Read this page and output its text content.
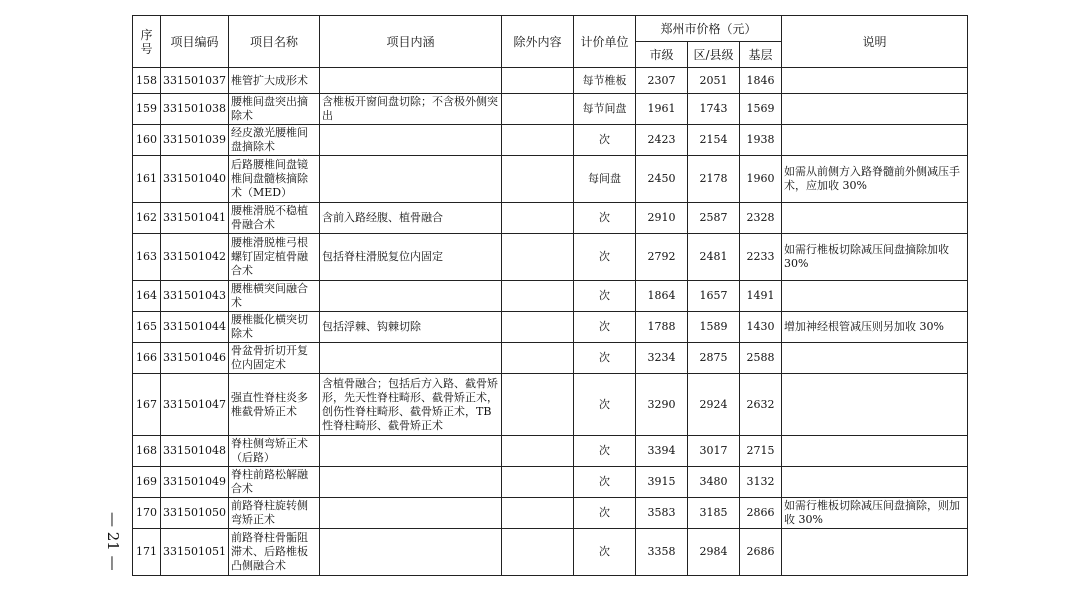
序号	项目编码	项目名称	项目内涵	除外内容	计价单位	郑州市价格（元）			说明
						市级	区/县级	基层	
158	331501037	椎管扩大成形术			每节椎板	2307	2051	1846	
159	331501038	腰椎间盘突出摘除术	含椎板开窗间盘切除；不含极外侧突出		每节间盘	1961	1743	1569	
160	331501039	经皮激光腰椎间盘摘除术			次	2423	2154	1938	
161	331501040	后路腰椎间盘镜椎间盘髓核摘除术（MED）			每间盘	2450	2178	1960	如需从前侧方入路脊髓前外侧减压手术，应加收 30%
162	331501041	腰椎滑脱不稳植骨融合术	含前入路经腹、植骨融合		次	2910	2587	2328	
163	331501042	腰椎滑脱椎弓根螺钉固定植骨融合术	包括脊柱滑脱复位内固定		次	2792	2481	2233	如需行椎板切除减压间盘摘除加收30%
164	331501043	腰椎横突间融合术			次	1864	1657	1491	
165	331501044	腰椎骶化横突切除术	包括浮棘、钩棘切除		次	1788	1589	1430	增加神经根管减压则另加收 30%
166	331501046	骨盆骨折切开复位内固定术			次	3234	2875	2588	
167	331501047	强直性脊柱炎多椎截骨矫正术	含植骨融合；包括后方入路、截骨矫形，先天性脊柱畸形、截骨矫正术，创伤性脊柱畸形、截骨矫正术，TB性脊柱畸形、截骨矫正术		次	3290	2924	2632	
168	331501048	脊柱侧弯矫正术（后路）			次	3394	3017	2715	
169	331501049	脊柱前路松解融合术			次	3915	3480	3132	
170	331501050	前路脊柱旋转侧弯矫正术			次	3583	3185	2866	如需行椎板切除减压间盘摘除，则加收 30%
171	331501051	前路脊柱骨骺阻滞术、后路椎板凸侧融合术			次	3358	2984	2686	
— 21 —
